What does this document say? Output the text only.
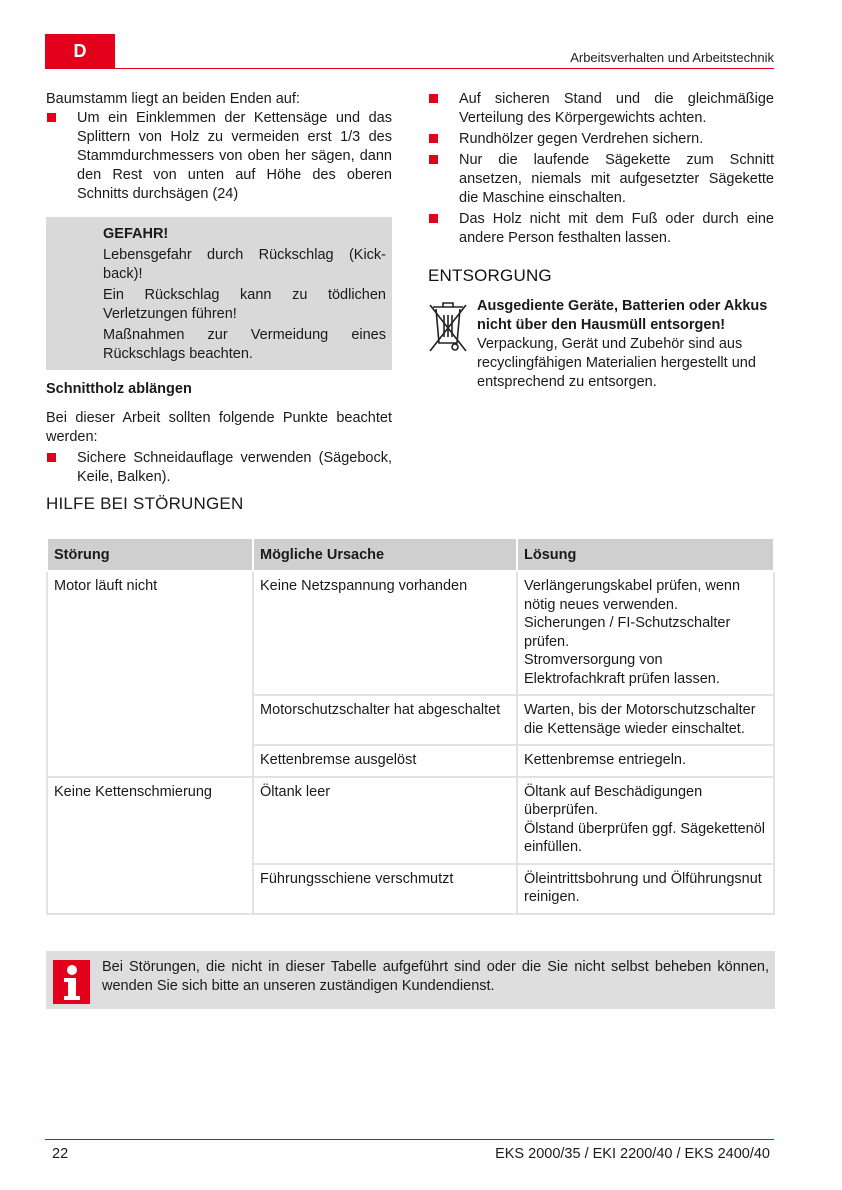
D	Arbeitsverhalten und Arbeitstechnik

Baumstamm liegt an beiden Enden auf:

Um ein Einklemmen der Kettensäge und das Splittern von Holz zu vermeiden erst 1/3 des Stammdurchmessers von oben her sägen, dann den Rest von unten auf Höhe des oberen Schnitts durchsägen (24)
GEFAHR!

Lebensgefahr durch Rückschlag (Kick-back)!

Ein Rückschlag kann zu tödlichen Verletzungen führen!

Maßnahmen zur Vermeidung eines Rückschlags beachten.

Schnittholz ablängen

Bei dieser Arbeit sollten folgende Punkte beachtet werden:

Sichere Schneidauflage verwenden (Sägebock, Keile, Balken).
Auf sicheren Stand und die gleichmäßige Verteilung des Körpergewichts achten.
Rundhölzer gegen Verdrehen sichern.
Nur die laufende Sägekette zum Schnitt ansetzen, niemals mit aufgesetzter Sägekette die Maschine einschalten.
Das Holz nicht mit dem Fuß oder durch eine andere Person festhalten lassen.
ENTSORGUNG

Ausgediente Geräte, Batterien oder Akkus nicht über den Hausmüll entsorgen!

Verpackung, Gerät und Zubehör sind aus recyclingfähigen Materialien hergestellt und entsprechend zu entsorgen.

HILFE BEI STÖRUNGEN
Störung	Mögliche Ursache	Lösung
Motor läuft nicht	Keine Netzspannung vorhanden	Verlängerungskabel prüfen, wenn nötig neues verwenden.
Sicherungen / FI-Schutzschalter prüfen.
Stromversorgung von Elektrofachkraft prüfen lassen.

	Motorschutzschalter hat abgeschaltet	Warten, bis der Motorschutzschalter die Kettensäge wieder einschaltet.

	Kettenbremse ausgelöst	Kettenbremse entriegeln.

Keine Kettenschmierung	Öltank leer	Öltank auf Beschädigungen überprüfen.
Ölstand überprüfen ggf. Sägekettenöl einfüllen.

	Führungsschiene verschmutzt	Öleintrittsbohrung und Ölführungsnut reinigen.
Bei Störungen, die nicht in dieser Tabelle aufgeführt sind oder die Sie nicht selbst beheben können, wenden Sie sich bitte an unseren zuständigen Kundendienst.
22	EKS 2000/35 / EKI 2200/40 / EKS 2400/40
